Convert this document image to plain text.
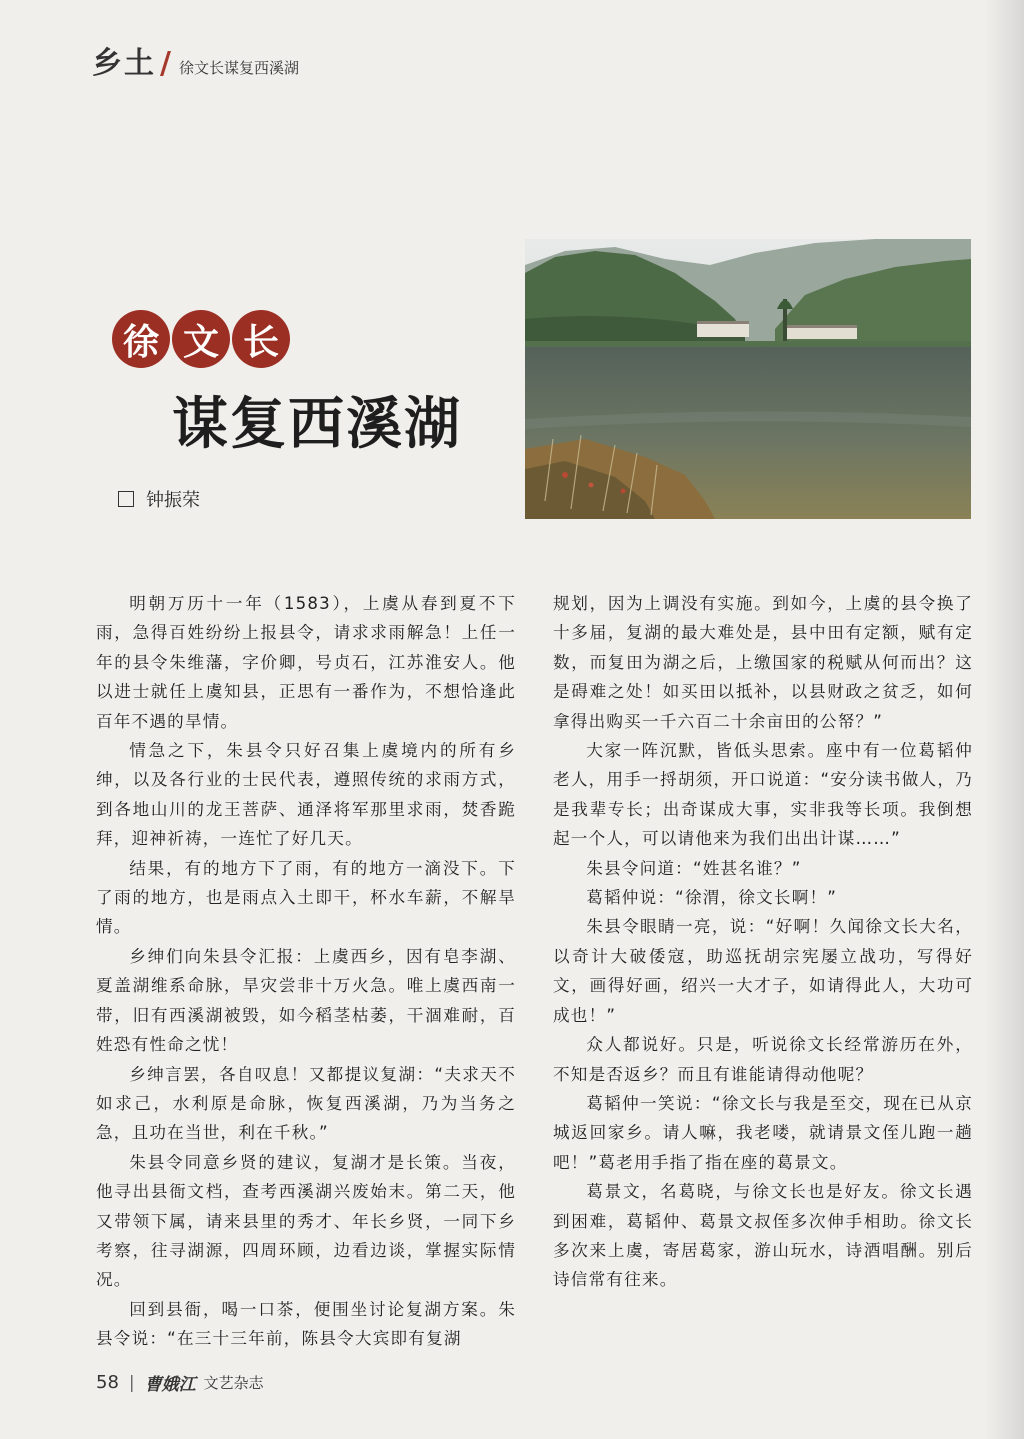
乡土 / 徐文长谋复西溪湖
徐 文 长
谋复西溪湖
钟振荣

明朝万历十一年（1583），上虞从春到夏不下雨，急得百姓纷纷上报县令，请求求雨解急！上任一年的县令朱维藩，字价卿，号贞石，江苏淮安人。他以进士就任上虞知县，正思有一番作为，不想恰逢此百年不遇的旱情。

情急之下，朱县令只好召集上虞境内的所有乡绅，以及各行业的士民代表，遵照传统的求雨方式，到各地山川的龙王菩萨、通泽将军那里求雨，焚香跪拜，迎神祈祷，一连忙了好几天。

结果，有的地方下了雨，有的地方一滴没下。下了雨的地方，也是雨点入土即干，杯水车薪，不解旱情。

乡绅们向朱县令汇报：上虞西乡，因有皂李湖、夏盖湖维系命脉，旱灾尝非十万火急。唯上虞西南一带，旧有西溪湖被毁，如今稻茎枯萎，干涸难耐，百姓恐有性命之忧！

乡绅言罢，各自叹息！又都提议复湖：“夫求天不如求己，水利原是命脉，恢复西溪湖，乃为当务之急，且功在当世，利在千秋。”

朱县令同意乡贤的建议，复湖才是长策。当夜，他寻出县衙文档，查考西溪湖兴废始末。第二天，他又带领下属，请来县里的秀才、年长乡贤，一同下乡考察，往寻湖源，四周环顾，边看边谈，掌握实际情况。

回到县衙，喝一口茶，便围坐讨论复湖方案。朱县令说：“在三十三年前，陈县令大宾即有复湖

规划，因为上调没有实施。到如今，上虞的县令换了十多届，复湖的最大难处是，县中田有定额，赋有定数，而复田为湖之后，上缴国家的税赋从何而出？这是碍难之处！如买田以抵补，以县财政之贫乏，如何拿得出购买一千六百二十余亩田的公帑？”

大家一阵沉默，皆低头思索。座中有一位葛韬仲老人，用手一捋胡须，开口说道：“安分读书做人，乃是我辈专长；出奇谋成大事，实非我等长项。我倒想起一个人，可以请他来为我们出出计谋……”

朱县令问道：“姓甚名谁？”

葛韬仲说：“徐渭，徐文长啊！”

朱县令眼睛一亮，说：“好啊！久闻徐文长大名，以奇计大破倭寇，助巡抚胡宗宪屡立战功，写得好文，画得好画，绍兴一大才子，如请得此人，大功可成也！”

众人都说好。只是，听说徐文长经常游历在外，不知是否返乡？而且有谁能请得动他呢？

葛韬仲一笑说：“徐文长与我是至交，现在已从京城返回家乡。请人嘛，我老喽，就请景文侄儿跑一趟吧！”葛老用手指了指在座的葛景文。

葛景文，名葛晓，与徐文长也是好友。徐文长遇到困难，葛韬仲、葛景文叔侄多次伸手相助。徐文长多次来上虞，寄居葛家，游山玩水，诗酒唱酬。别后诗信常有往来。

58 | 曹娥江 文艺杂志
